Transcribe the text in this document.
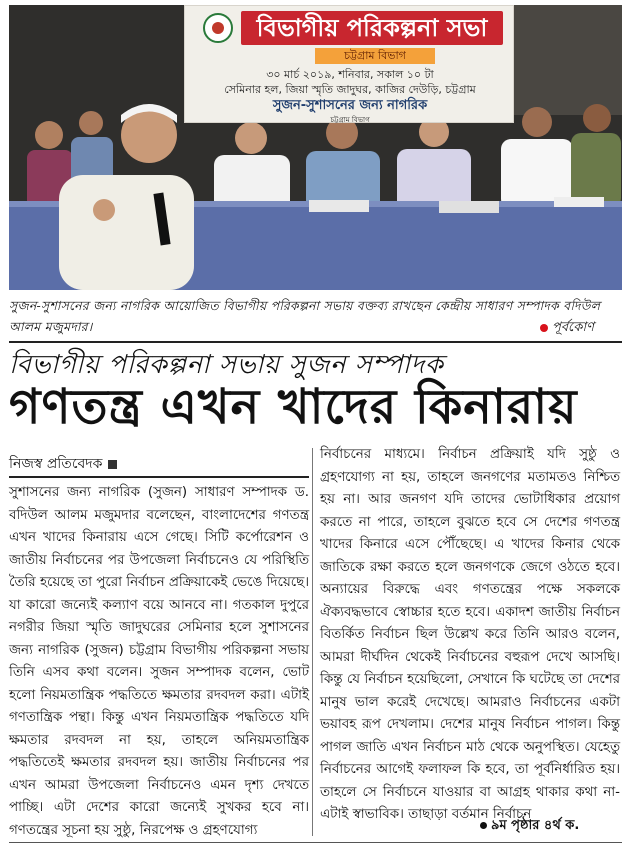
বিভাগীয় পরিকল্পনা সভা
চট্টগ্রাম বিভাগ
৩০ মার্চ ২০১৯, শনিবার, সকাল ১০ টা
সেমিনার হল, জিয়া স্মৃতি জাদুঘর, কাজির দেউড়ি, চট্টগ্রাম
সুজন-সুশাসনের জন্য নাগরিক
চট্টগ্রাম বিভাগ
সুজন-সুশাসনের জন্য নাগরিক আয়োজিত বিভাগীয় পরিকল্পনা সভায় বক্তব্য রাখছেন কেন্দ্রীয় সাধারণ সম্পাদক বদিউল আলম মজুমদার।	পূর্বকোণ
বিভাগীয় পরিকল্পনা সভায় সুজন সম্পাদক
গণতন্ত্র এখন খাদের কিনারায়
নিজস্ব প্রতিবেদক

সুশাসনের জন্য নাগরিক (সুজন) সাধারণ সম্পাদক ড. বদিউল আলম মজুমদার বলেছেন, বাংলাদেশের গণতন্ত্র এখন খাদের কিনারায় এসে গেছে। সিটি কর্পোরেশন ও জাতীয় নির্বাচনের পর উপজেলা নির্বাচনেও যে পরিস্থিতি তৈরি হয়েছে তা পুরো নির্বাচন প্রক্রিয়াকেই ভেঙে দিয়েছে। যা কারো জন্যেই কল্যাণ বয়ে আনবে না। গতকাল দুপুরে নগরীর জিয়া স্মৃতি জাদুঘরের সেমিনার হলে সুশাসনের জন্য নাগরিক (সুজন) চট্টগ্রাম বিভাগীয় পরিকল্পনা সভায় তিনি এসব কথা বলেন। সুজন সম্পাদক বলেন, ভোট হলো নিয়মতান্ত্রিক পদ্ধতিতে ক্ষমতার রদবদল করা। এটাই গণতান্ত্রিক পন্থা। কিন্তু এখন নিয়মতান্ত্রিক পদ্ধতিতে যদি ক্ষমতার রদবদল না হয়, তাহলে অনিয়মতান্ত্রিক পদ্ধতিতেই ক্ষমতার রদবদল হয়। জাতীয় নির্বাচনের পর এখন আমরা উপজেলা নির্বাচনেও এমন দৃশ্য দেখতে পাচ্ছি। এটা দেশের কারো জন্যেই সুখকর হবে না। গণতন্ত্রের সূচনা হয় সুষ্ঠু, নিরপেক্ষ ও গ্রহণযোগ্য

নির্বাচনের মাধ্যমে। নির্বাচন প্রক্রিয়াই যদি সুষ্ঠু ও গ্রহণযোগ্য না হয়, তাহলে জনগণের মতামতও নিশ্চিত হয় না। আর জনগণ যদি তাদের ভোটাধিকার প্রয়োগ করতে না পারে, তাহলে বুঝতে হবে সে দেশের গণতন্ত্র খাদের কিনারে এসে পৌঁছেছে। এ খাদের কিনার থেকে জাতিকে রক্ষা করতে হলে জনগণকে জেগে ওঠতে হবে। অন্যায়ের বিরুদ্ধে এবং গণতন্ত্রের পক্ষে সকলকে ঐক্যবদ্ধভাবে স্বোচ্চার হতে হবে। একাদশ জাতীয় নির্বাচন বিতর্কিত নির্বাচন ছিল উল্লেখ করে তিনি আরও বলেন, আমরা দীর্ঘদিন থেকেই নির্বাচনের বহুরূপ দেখে আসছি। কিন্তু যে নির্বাচন হয়েছিলো, সেখানে কি ঘটেছে তা দেশের মানুষ ভাল করেই দেখেছে। আমরাও নির্বাচনের একটা ভয়াবহ রূপ দেখলাম। দেশের মানুষ নির্বাচন পাগল। কিন্তু পাগল জাতি এখন নির্বাচন মাঠ থেকে অনুপস্থিত। যেহেতু নির্বাচনের আগেই ফলাফল কি হবে, তা পূর্বনির্ধারিত হয়। তাহলে সে নির্বাচনে যাওয়ার বা আগ্রহ থাকার কথা না- এটাই স্বাভাবিক। তাছাড়া বর্তমান নির্বাচন

৯ম পৃষ্ঠার ৪র্থ ক.
